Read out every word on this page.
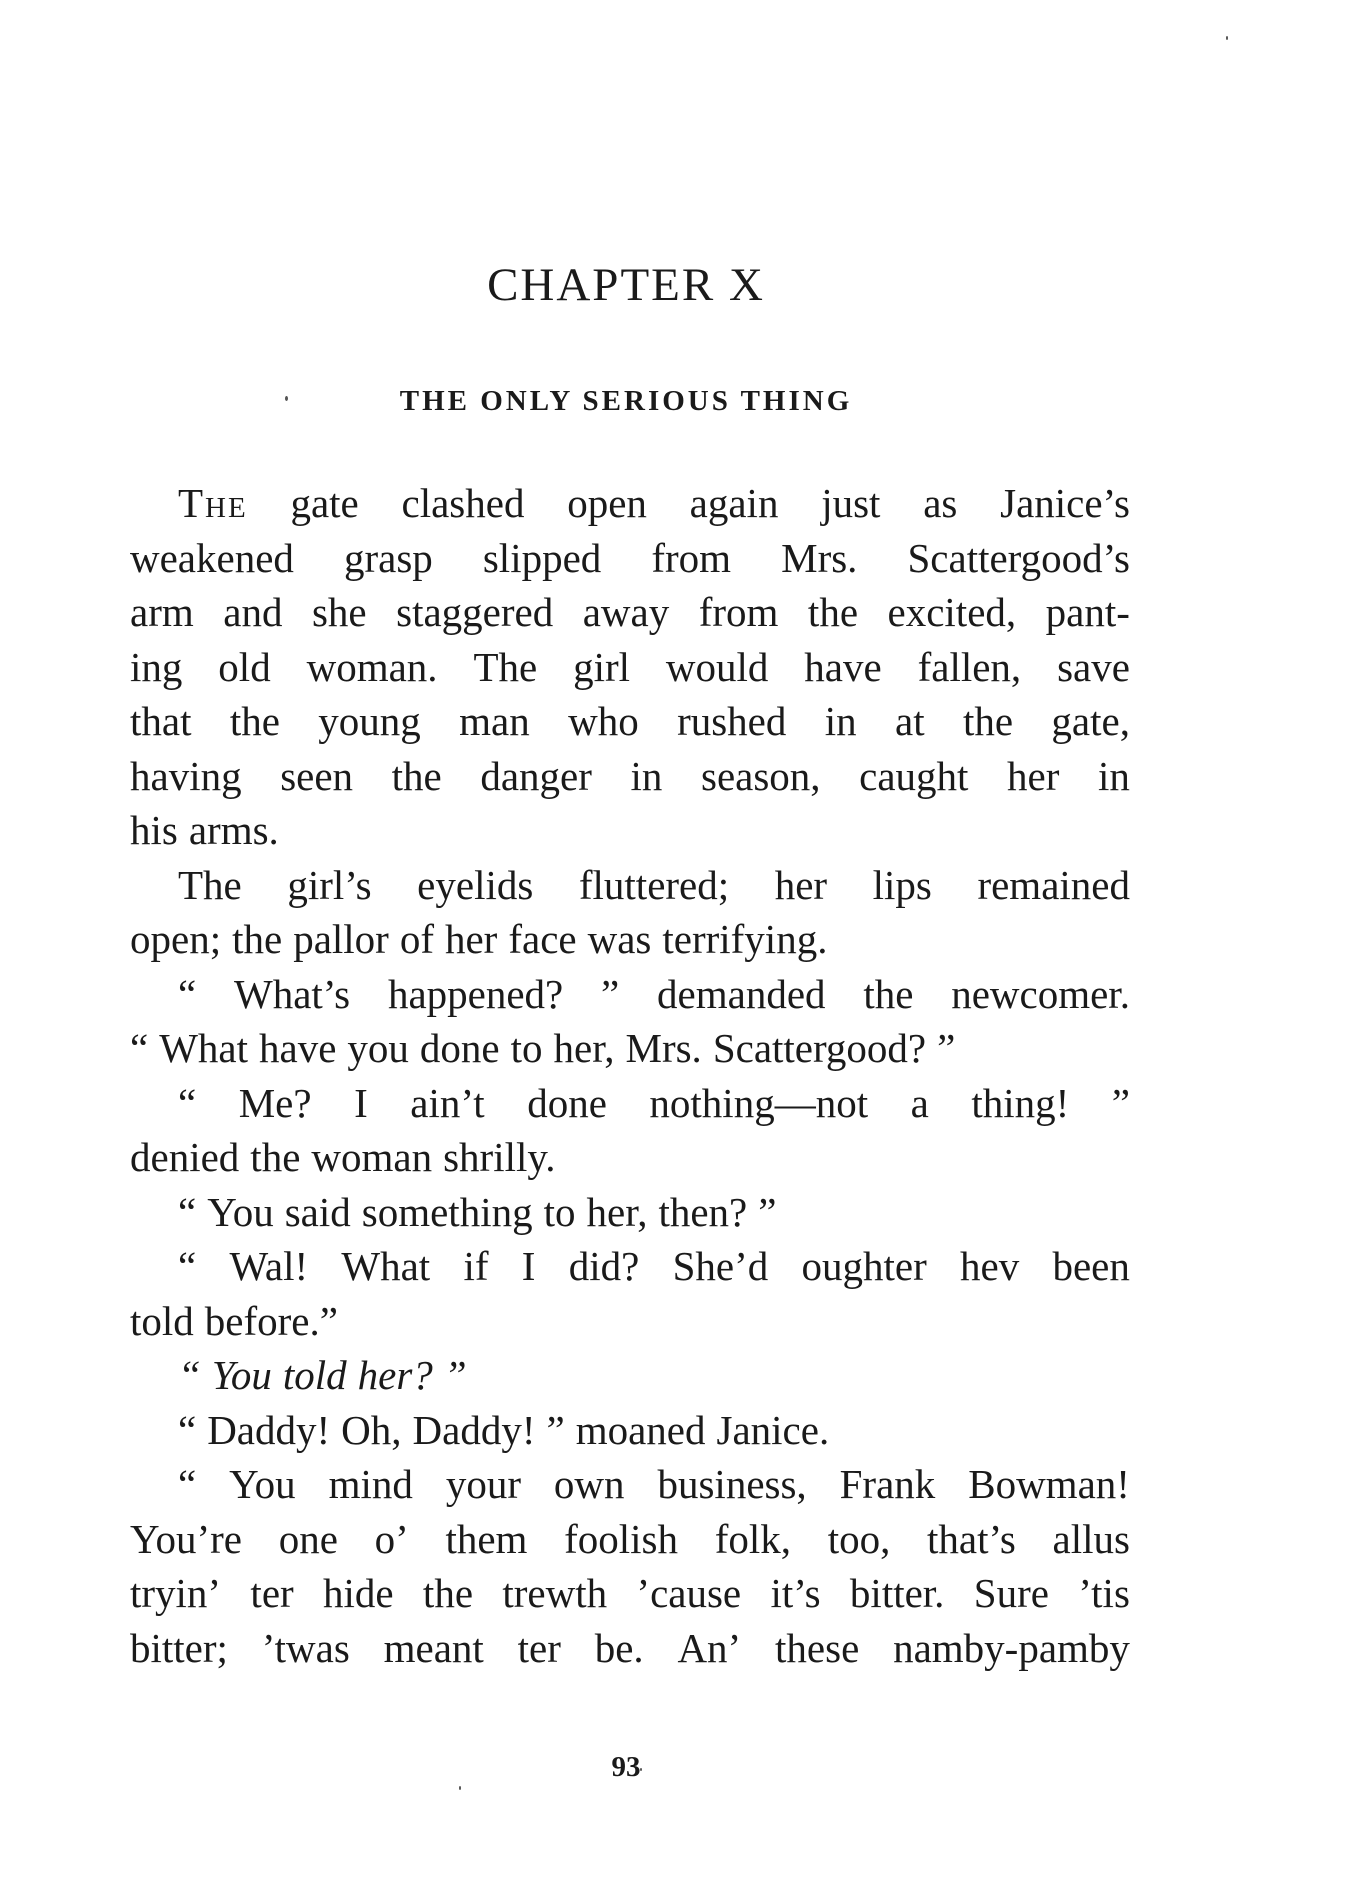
CHAPTER X
THE ONLY SERIOUS THING
The gate clashed open again just as Janice’s
weakened grasp slipped from Mrs. Scattergood’s
arm and she staggered away from the excited, pant-
ing old woman. The girl would have fallen, save
that the young man who rushed in at the gate,
having seen the danger in season, caught her in
his arms.
The girl’s eyelids fluttered; her lips remained
open; the pallor of her face was terrifying.
“ What’s happened? ” demanded the newcomer.
“ What have you done to her, Mrs. Scattergood? ”
“ Me? I ain’t done nothing—not a thing! ”
denied the woman shrilly.
“ You said something to her, then? ”
“ Wal! What if I did? She’d oughter hev been
told before.”
“ You told her? ”
“ Daddy! Oh, Daddy! ” moaned Janice.
“ You mind your own business, Frank Bowman!
You’re one o’ them foolish folk, too, that’s allus
tryin’ ter hide the trewth ’cause it’s bitter. Sure ’tis
bitter; ’twas meant ter be. An’ these namby-pamby
93
